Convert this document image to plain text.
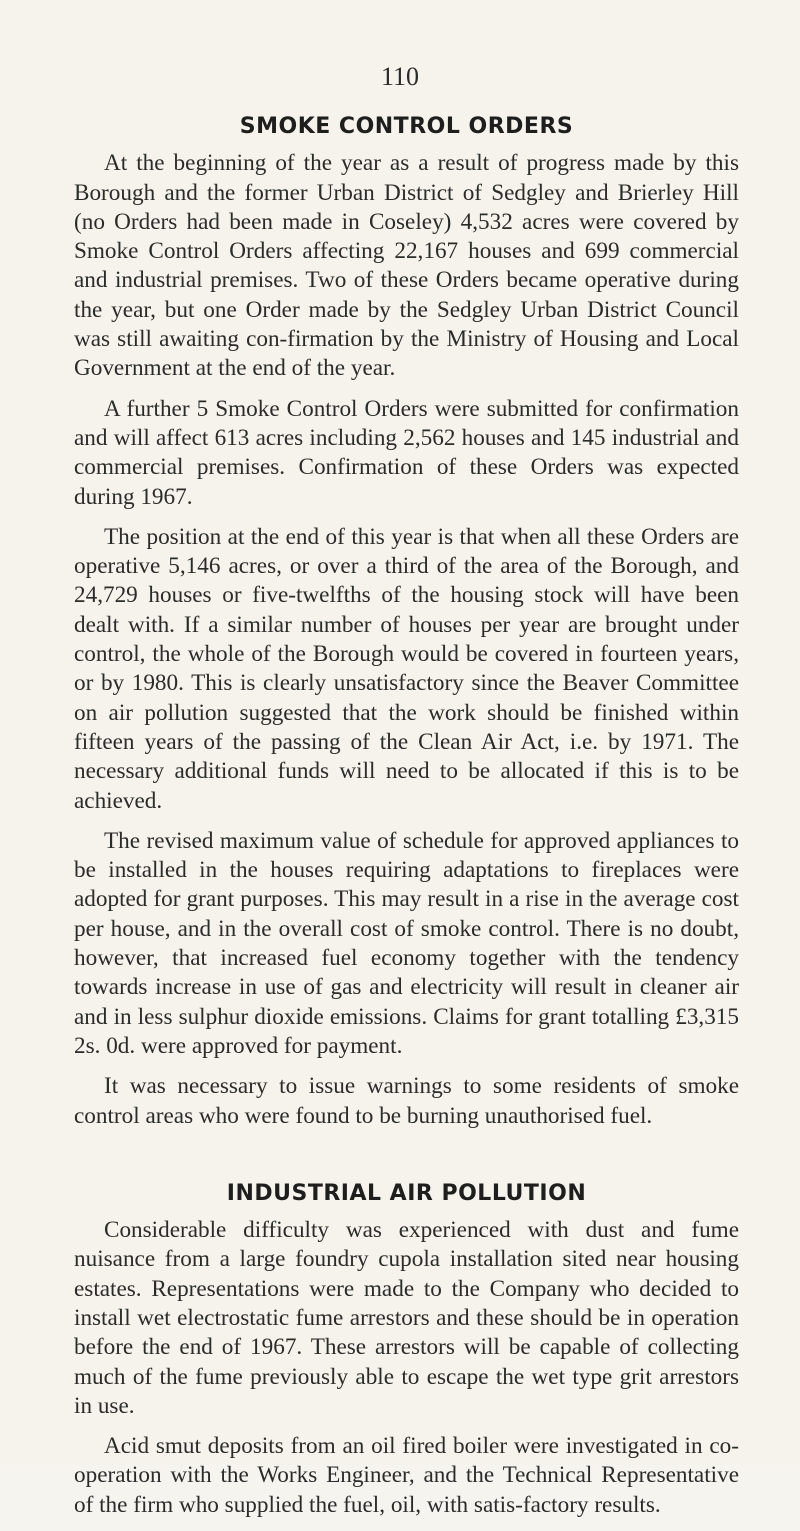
110
SMOKE CONTROL ORDERS

At the beginning of the year as a result of progress made by this Borough and the former Urban District of Sedgley and Brierley Hill (no Orders had been made in Coseley) 4,532 acres were covered by Smoke Control Orders affecting 22,167 houses and 699 commercial and industrial premises. Two of these Orders became operative during the year, but one Order made by the Sedgley Urban District Council was still awaiting con-firmation by the Ministry of Housing and Local Government at the end of the year.

A further 5 Smoke Control Orders were submitted for confirmation and will affect 613 acres including 2,562 houses and 145 industrial and commercial premises. Confirmation of these Orders was expected during 1967.

The position at the end of this year is that when all these Orders are operative 5,146 acres, or over a third of the area of the Borough, and 24,729 houses or five-twelfths of the housing stock will have been dealt with. If a similar number of houses per year are brought under control, the whole of the Borough would be covered in fourteen years, or by 1980. This is clearly unsatisfactory since the Beaver Committee on air pollution suggested that the work should be finished within fifteen years of the passing of the Clean Air Act, i.e. by 1971. The necessary additional funds will need to be allocated if this is to be achieved.

The revised maximum value of schedule for approved appliances to be installed in the houses requiring adaptations to fireplaces were adopted for grant purposes. This may result in a rise in the average cost per house, and in the overall cost of smoke control. There is no doubt, however, that increased fuel economy together with the tendency towards increase in use of gas and electricity will result in cleaner air and in less sulphur dioxide emissions. Claims for grant totalling £3,315 2s. 0d. were approved for payment.

It was necessary to issue warnings to some residents of smoke control areas who were found to be burning unauthorised fuel.

INDUSTRIAL AIR POLLUTION

Considerable difficulty was experienced with dust and fume nuisance from a large foundry cupola installation sited near housing estates. Representations were made to the Company who decided to install wet electrostatic fume arrestors and these should be in operation before the end of 1967. These arrestors will be capable of collecting much of the fume previously able to escape the wet type grit arrestors in use.

Acid smut deposits from an oil fired boiler were investigated in co-operation with the Works Engineer, and the Technical Representative of the firm who supplied the fuel, oil, with satis-factory results.
